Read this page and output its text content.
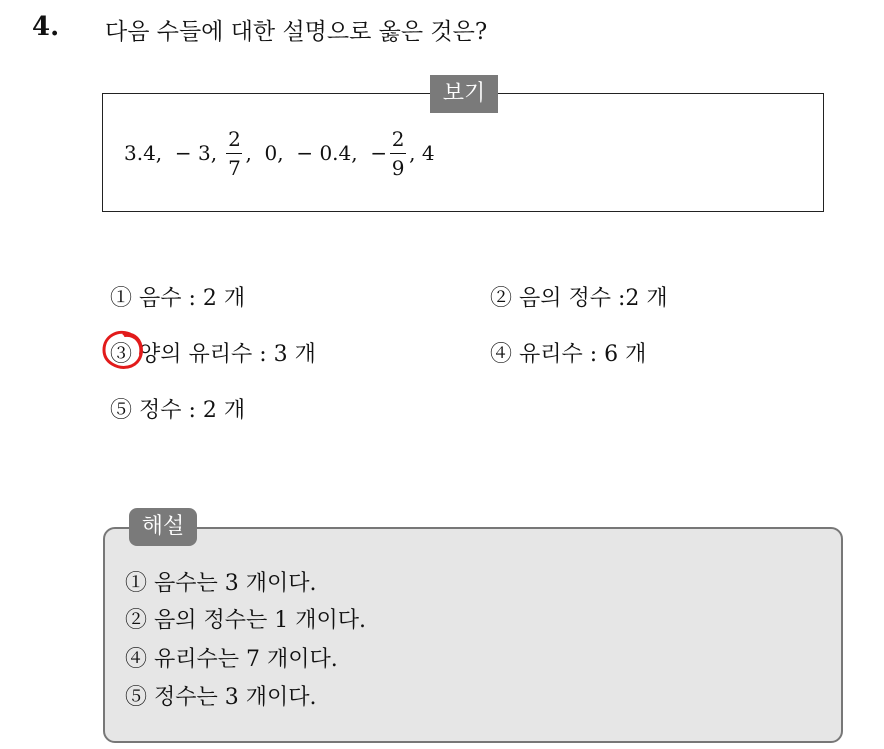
4. 다음 수들에 대한 설명으로 옳은 것은?
보기
3.4,
− 3,
$\frac{2}{7}$ ,
0,
− 0.4,
− $\frac{2}{9}$ ,
4
① 음수 : 2 개	② 음의 정수 :2 개
③ 양의 유리수 : 3 개	④ 유리수 : 6 개
⑤ 정수 : 2 개
해설
① 음수는 3 개이다.
② 음의 정수는 1 개이다.
④ 유리수는 7 개이다.
⑤ 정수는 3 개이다.
